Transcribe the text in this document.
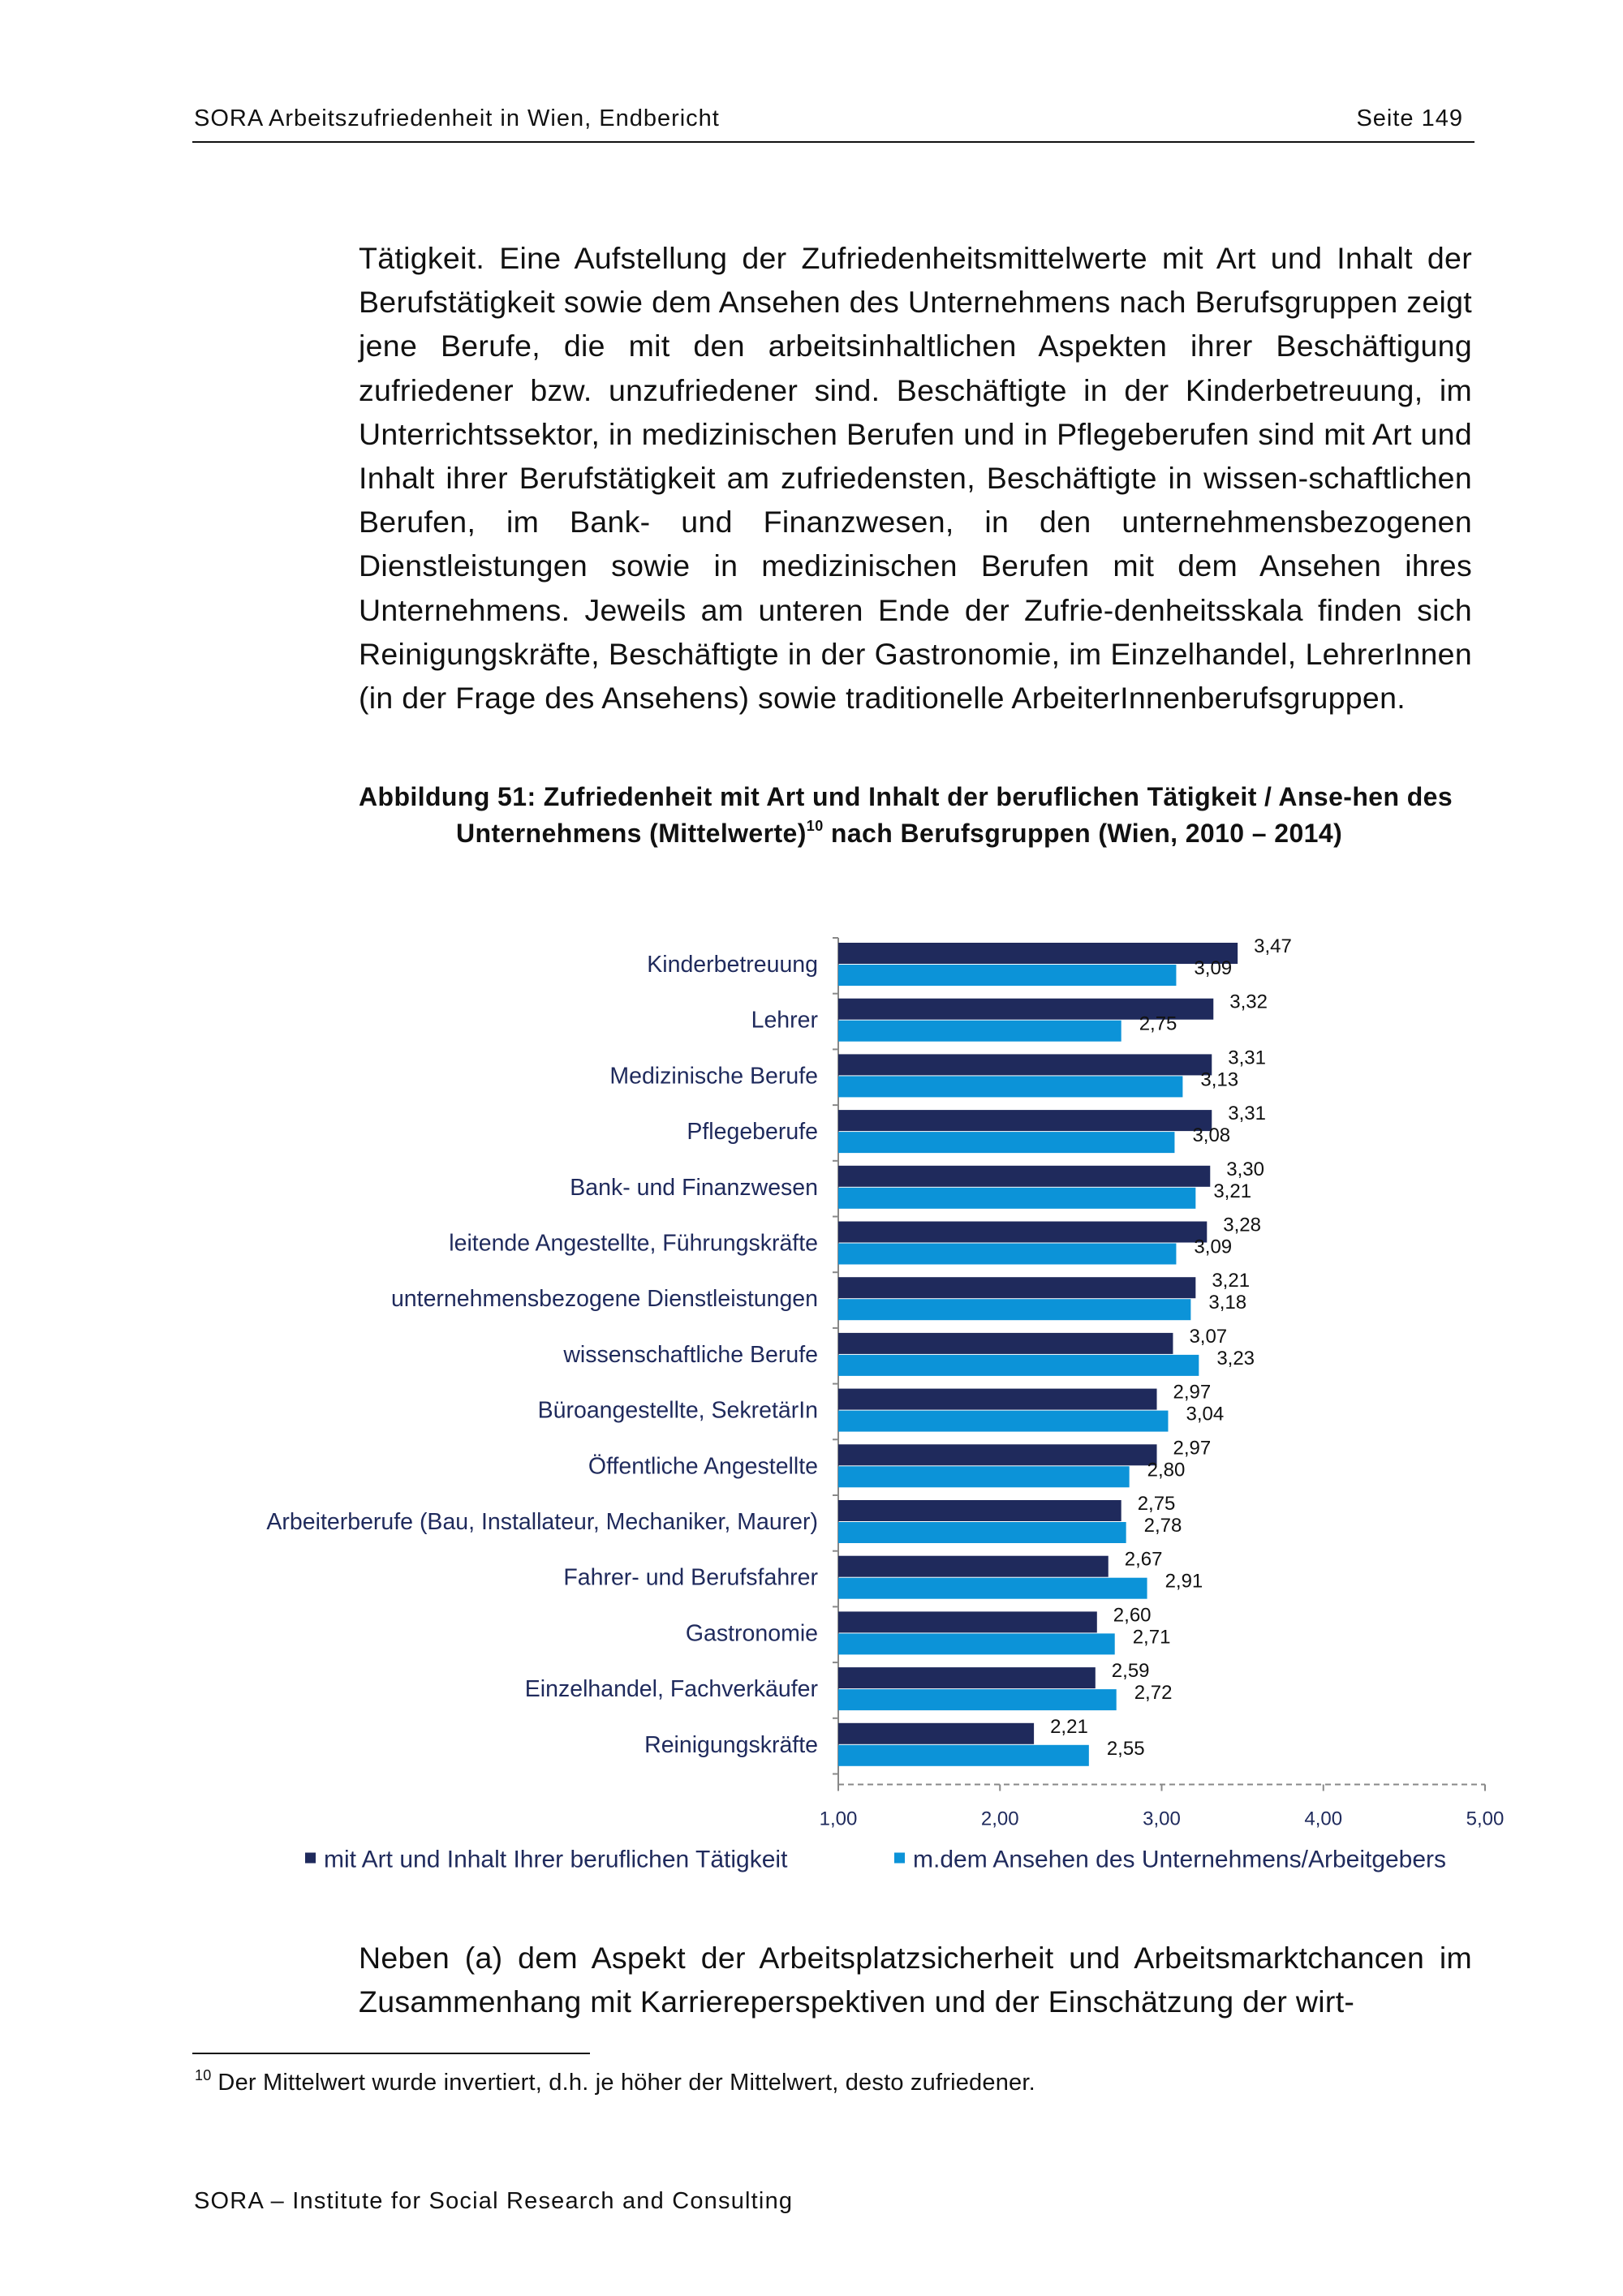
SORA Arbeitszufriedenheit in Wien, Endbericht	Seite 149

Tätigkeit. Eine Aufstellung der Zufriedenheitsmittelwerte mit Art und Inhalt der Berufstätigkeit sowie dem Ansehen des Unternehmens nach Berufsgruppen zeigt jene Berufe, die mit den arbeitsinhaltlichen Aspekten ihrer Beschäftigung zufriedener bzw. unzufriedener sind. Beschäftigte in der Kinderbetreuung, im Unterrichtssektor, in medizinischen Berufen und in Pflegeberufen sind mit Art und Inhalt ihrer Berufstätigkeit am zufriedensten, Beschäftigte in wissen-schaftlichen Berufen, im Bank- und Finanzwesen, in den unternehmensbezogenen Dienstleistungen sowie in medizinischen Berufen mit dem Ansehen ihres Unternehmens. Jeweils am unteren Ende der Zufrie-denheitsskala finden sich Reinigungskräfte, Beschäftigte in der Gastronomie, im Einzelhandel, LehrerInnen (in der Frage des Ansehens) sowie traditionelle ArbeiterInnenberufsgruppen.

Abbildung 51: Zufriedenheit mit Art und Inhalt der beruflichen Tätigkeit / Anse-hen des Unternehmens (Mittelwerte)$^{10}$ nach Berufsgruppen (Wien, 2010 – 2014)
1,00	2,00	3,00	4,00	5,00
Kinderbetreuung
3,47
3,09
Lehrer
3,32
2,75
Medizinische Berufe
3,31
3,13
Pflegeberufe
3,31
3,08
Bank- und Finanzwesen
3,30
3,21
leitende Angestellte, Führungskräfte
3,28
3,09
unternehmensbezogene Dienstleistungen
3,21
3,18
wissenschaftliche Berufe
3,07
3,23
Büroangestellte, SekretärIn
2,97
3,04
Öffentliche Angestellte
2,97
2,80
Arbeiterberufe (Bau, Installateur, Mechaniker, Maurer)
2,75
2,78
Fahrer- und Berufsfahrer
2,67
2,91
Gastronomie
2,60
2,71
Einzelhandel, Fachverkäufer
2,59
2,72
Reinigungskräfte
2,21
2,55
mit Art und Inhalt Ihrer beruflichen Tätigkeit	m.dem Ansehen des Unternehmens/Arbeitgebers

Neben (a) dem Aspekt der Arbeitsplatzsicherheit und Arbeitsmarktchancen im Zusammenhang mit Karriereperspektiven und der Einschätzung der wirt-

$^{10}$ Der Mittelwert wurde invertiert, d.h. je höher der Mittelwert, desto zufriedener.
SORA – Institute for Social Research and Consulting
